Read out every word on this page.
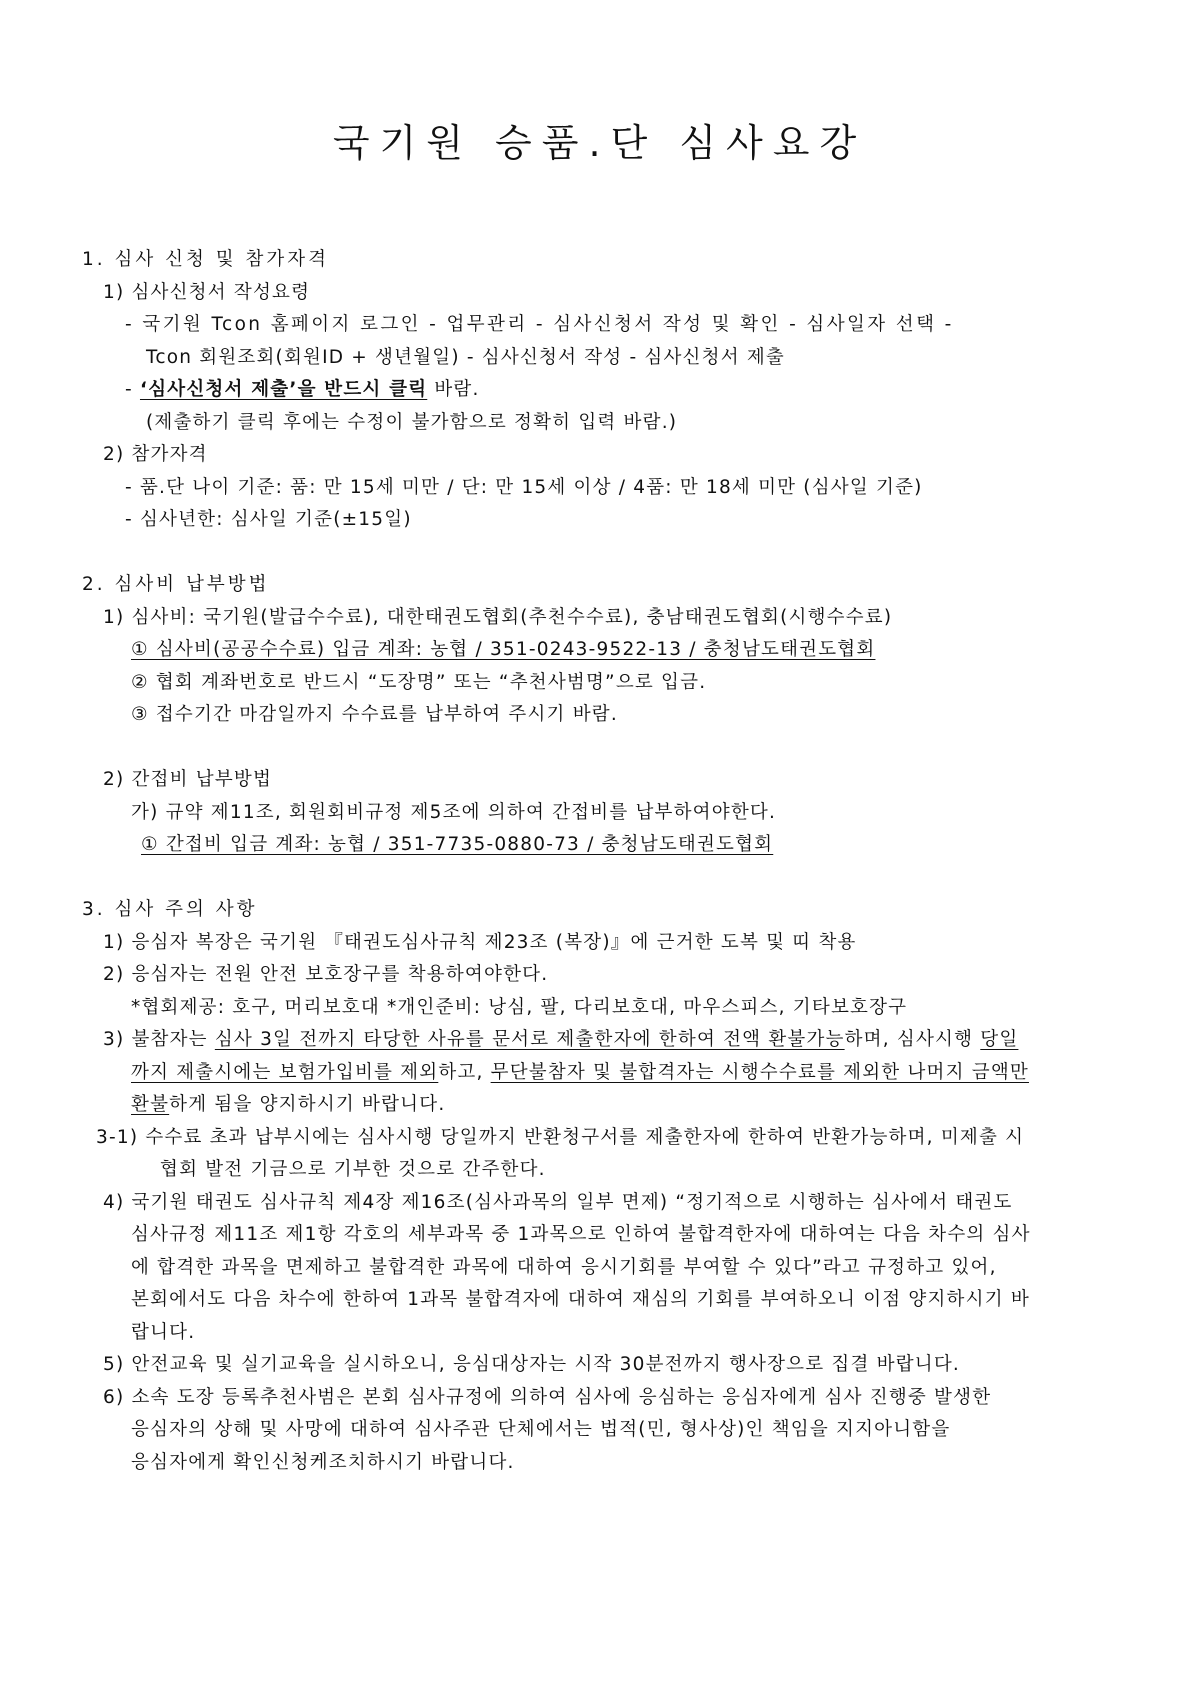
국기원 승품.단 심사요강
1. 심사 신청 및 참가자격
1) 심사신청서 작성요령
- 국기원 Tcon 홈페이지 로그인 - 업무관리 - 심사신청서 작성 및 확인 - 심사일자 선택 -
Tcon 회원조회(회원ID + 생년월일) - 심사신청서 작성 - 심사신청서 제출
- ‘심사신청서 제출’을 반드시 클릭 바람.
(제출하기 클릭 후에는 수정이 불가함으로 정확히 입력 바람.)
2) 참가자격
- 품.단 나이 기준: 품: 만 15세 미만 / 단: 만 15세 이상 / 4품: 만 18세 미만 (심사일 기준)
- 심사년한: 심사일 기준(±15일)
2. 심사비 납부방법
1) 심사비: 국기원(발급수수료), 대한태권도협회(추천수수료), 충남태권도협회(시행수수료)
① 심사비(공공수수료) 입금 계좌: 농협 / 351-0243-9522-13 / 충청남도태권도협회
② 협회 계좌번호로 반드시 “도장명” 또는 “추천사범명”으로 입금.
③ 접수기간 마감일까지 수수료를 납부하여 주시기 바람.
2) 간접비 납부방법
가) 규약 제11조, 회원회비규정 제5조에 의하여 간접비를 납부하여야한다.
① 간접비 입금 계좌: 농협 / 351-7735-0880-73 / 충청남도태권도협회
3. 심사 주의 사항
1) 응심자 복장은 국기원 『태권도심사규칙 제23조 (복장)』에 근거한 도복 및 띠 착용
2) 응심자는 전원 안전 보호장구를 착용하여야한다.
*협회제공: 호구, 머리보호대 *개인준비: 낭심, 팔, 다리보호대, 마우스피스, 기타보호장구
3) 불참자는 심사 3일 전까지 타당한 사유를 문서로 제출한자에 한하여 전액 환불가능하며, 심사시행 당일
까지 제출시에는 보험가입비를 제외하고, 무단불참자 및 불합격자는 시행수수료를 제외한 나머지 금액만
환불하게 됨을 양지하시기 바랍니다.
3-1) 수수료 초과 납부시에는 심사시행 당일까지 반환청구서를 제출한자에 한하여 반환가능하며, 미제출 시
협회 발전 기금으로 기부한 것으로 간주한다.
4) 국기원 태권도 심사규칙 제4장 제16조(심사과목의 일부 면제) “정기적으로 시행하는 심사에서 태권도
심사규정 제11조 제1항 각호의 세부과목 중 1과목으로 인하여 불합격한자에 대하여는 다음 차수의 심사
에 합격한 과목을 면제하고 불합격한 과목에 대하여 응시기회를 부여할 수 있다”라고 규정하고 있어,
본회에서도 다음 차수에 한하여 1과목 불합격자에 대하여 재심의 기회를 부여하오니 이점 양지하시기 바
랍니다.
5) 안전교육 및 실기교육을 실시하오니, 응심대상자는 시작 30분전까지 행사장으로 집결 바랍니다.
6) 소속 도장 등록추천사범은 본회 심사규정에 의하여 심사에 응심하는 응심자에게 심사 진행중 발생한
응심자의 상해 및 사망에 대하여 심사주관 단체에서는 법적(민, 형사상)인 책임을 지지아니함을
응심자에게 확인신청케조치하시기 바랍니다.
